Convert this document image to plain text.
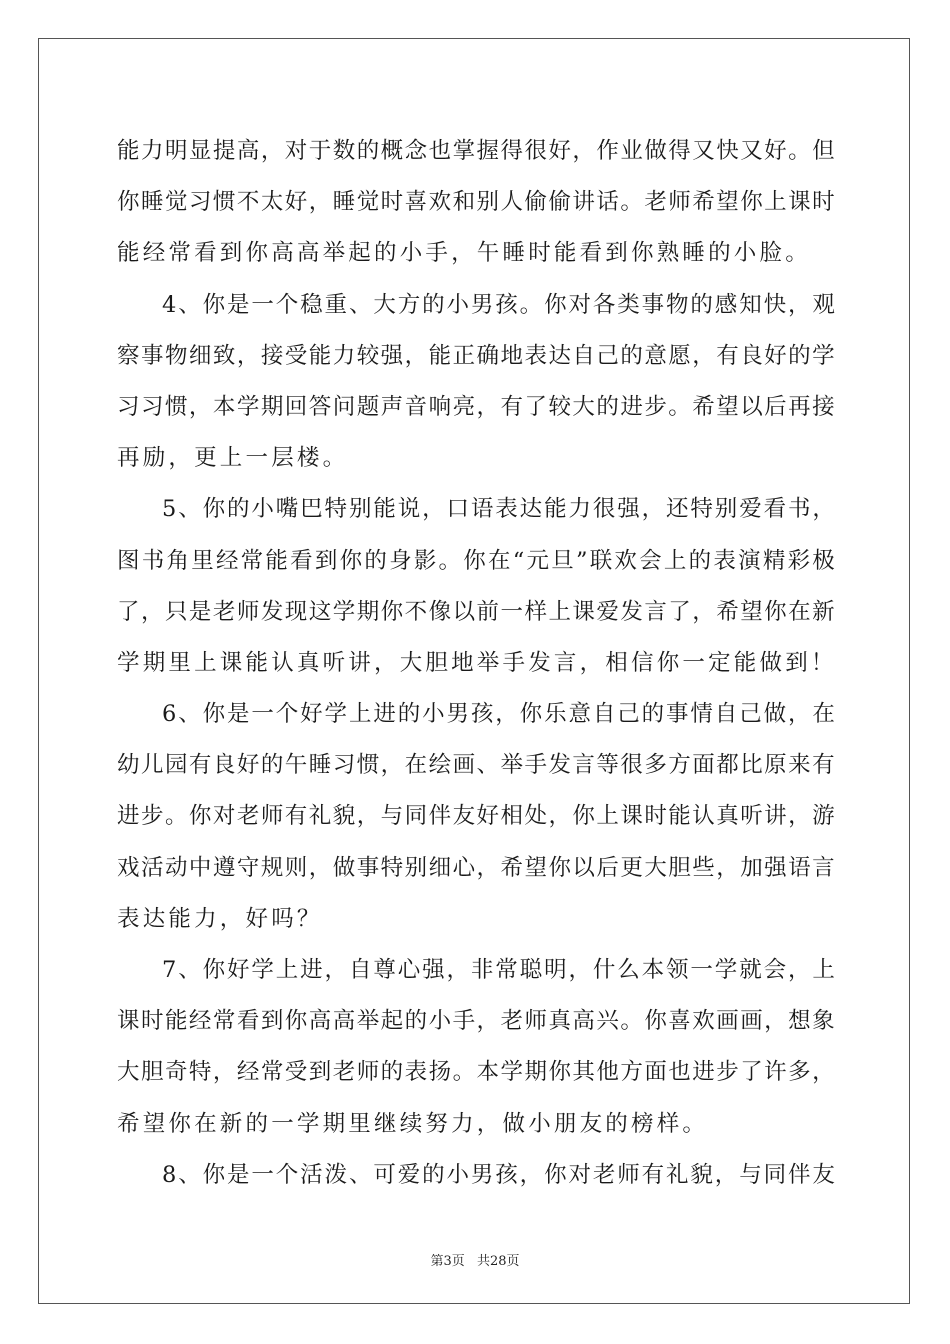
能 力 明 显 提 高 ， 对 于 数 的 概 念 也 掌 握 得 很 好 ， 作 业 做 得 又 快 又 好 。 但
你 睡 觉 习 惯 不 太 好 ， 睡 觉 时 喜 欢 和 别 人 偷 偷 讲 话 。 老 师 希 望 你 上 课 时
能经常看到你高高举起的小手，午睡时能看到你熟睡的小脸。
4 、 你 是 一 个 稳 重 、 大 方 的 小 男 孩 。 你 对 各 类 事 物 的 感 知 快 ， 观
察 事 物 细 致 ， 接 受 能 力 较 强 ， 能 正 确 地 表 达 自 己 的 意 愿 ， 有 良 好 的 学
习 习 惯 ， 本 学 期 回 答 问 题 声 音 响 亮 ， 有 了 较 大 的 进 步 。 希 望 以 后 再 接
再励，更上一层楼。
5 、 你 的 小 嘴 巴 特 别 能 说 ， 口 语 表 达 能 力 很 强 ， 还 特 别 爱 看 书 ，
图 书 角 里 经 常 能 看 到 你 的 身 影 。 你 在 “ 元 旦 ” 联 欢 会 上 的 表 演 精 彩 极
了 ， 只 是 老 师 发 现 这 学 期 你 不 像 以 前 一 样 上 课 爱 发 言 了 ， 希 望 你 在 新
学期里上课能认真听讲，大胆地举手发言，相信你一定能做到！
6 、 你 是 一 个 好 学 上 进 的 小 男 孩 ， 你 乐 意 自 己 的 事 情 自 己 做 ， 在
幼 儿 园 有 良 好 的 午 睡 习 惯 ， 在 绘 画 、 举 手 发 言 等 很 多 方 面 都 比 原 来 有
进 步 。 你 对 老 师 有 礼 貌 ， 与 同 伴 友 好 相 处 ， 你 上 课 时 能 认 真 听 讲 ， 游
戏 活 动 中 遵 守 规 则 ， 做 事 特 别 细 心 ， 希 望 你 以 后 更 大 胆 些 ， 加 强 语 言
表达能力，好吗？
7 、 你 好 学 上 进 ， 自 尊 心 强 ， 非 常 聪 明 ， 什 么 本 领 一 学 就 会 ， 上
课 时 能 经 常 看 到 你 高 高 举 起 的 小 手 ， 老 师 真 高 兴 。 你 喜 欢 画 画 ， 想 象
大 胆 奇 特 ， 经 常 受 到 老 师 的 表 扬 。 本 学 期 你 其 他 方 面 也 进 步 了 许 多 ，
希望你在新的一学期里继续努力，做小朋友的榜样。
8 、 你 是 一 个 活 泼 、 可 爱 的 小 男 孩 ， 你 对 老 师 有 礼 貌 ， 与 同 伴 友
第3页 共28页
